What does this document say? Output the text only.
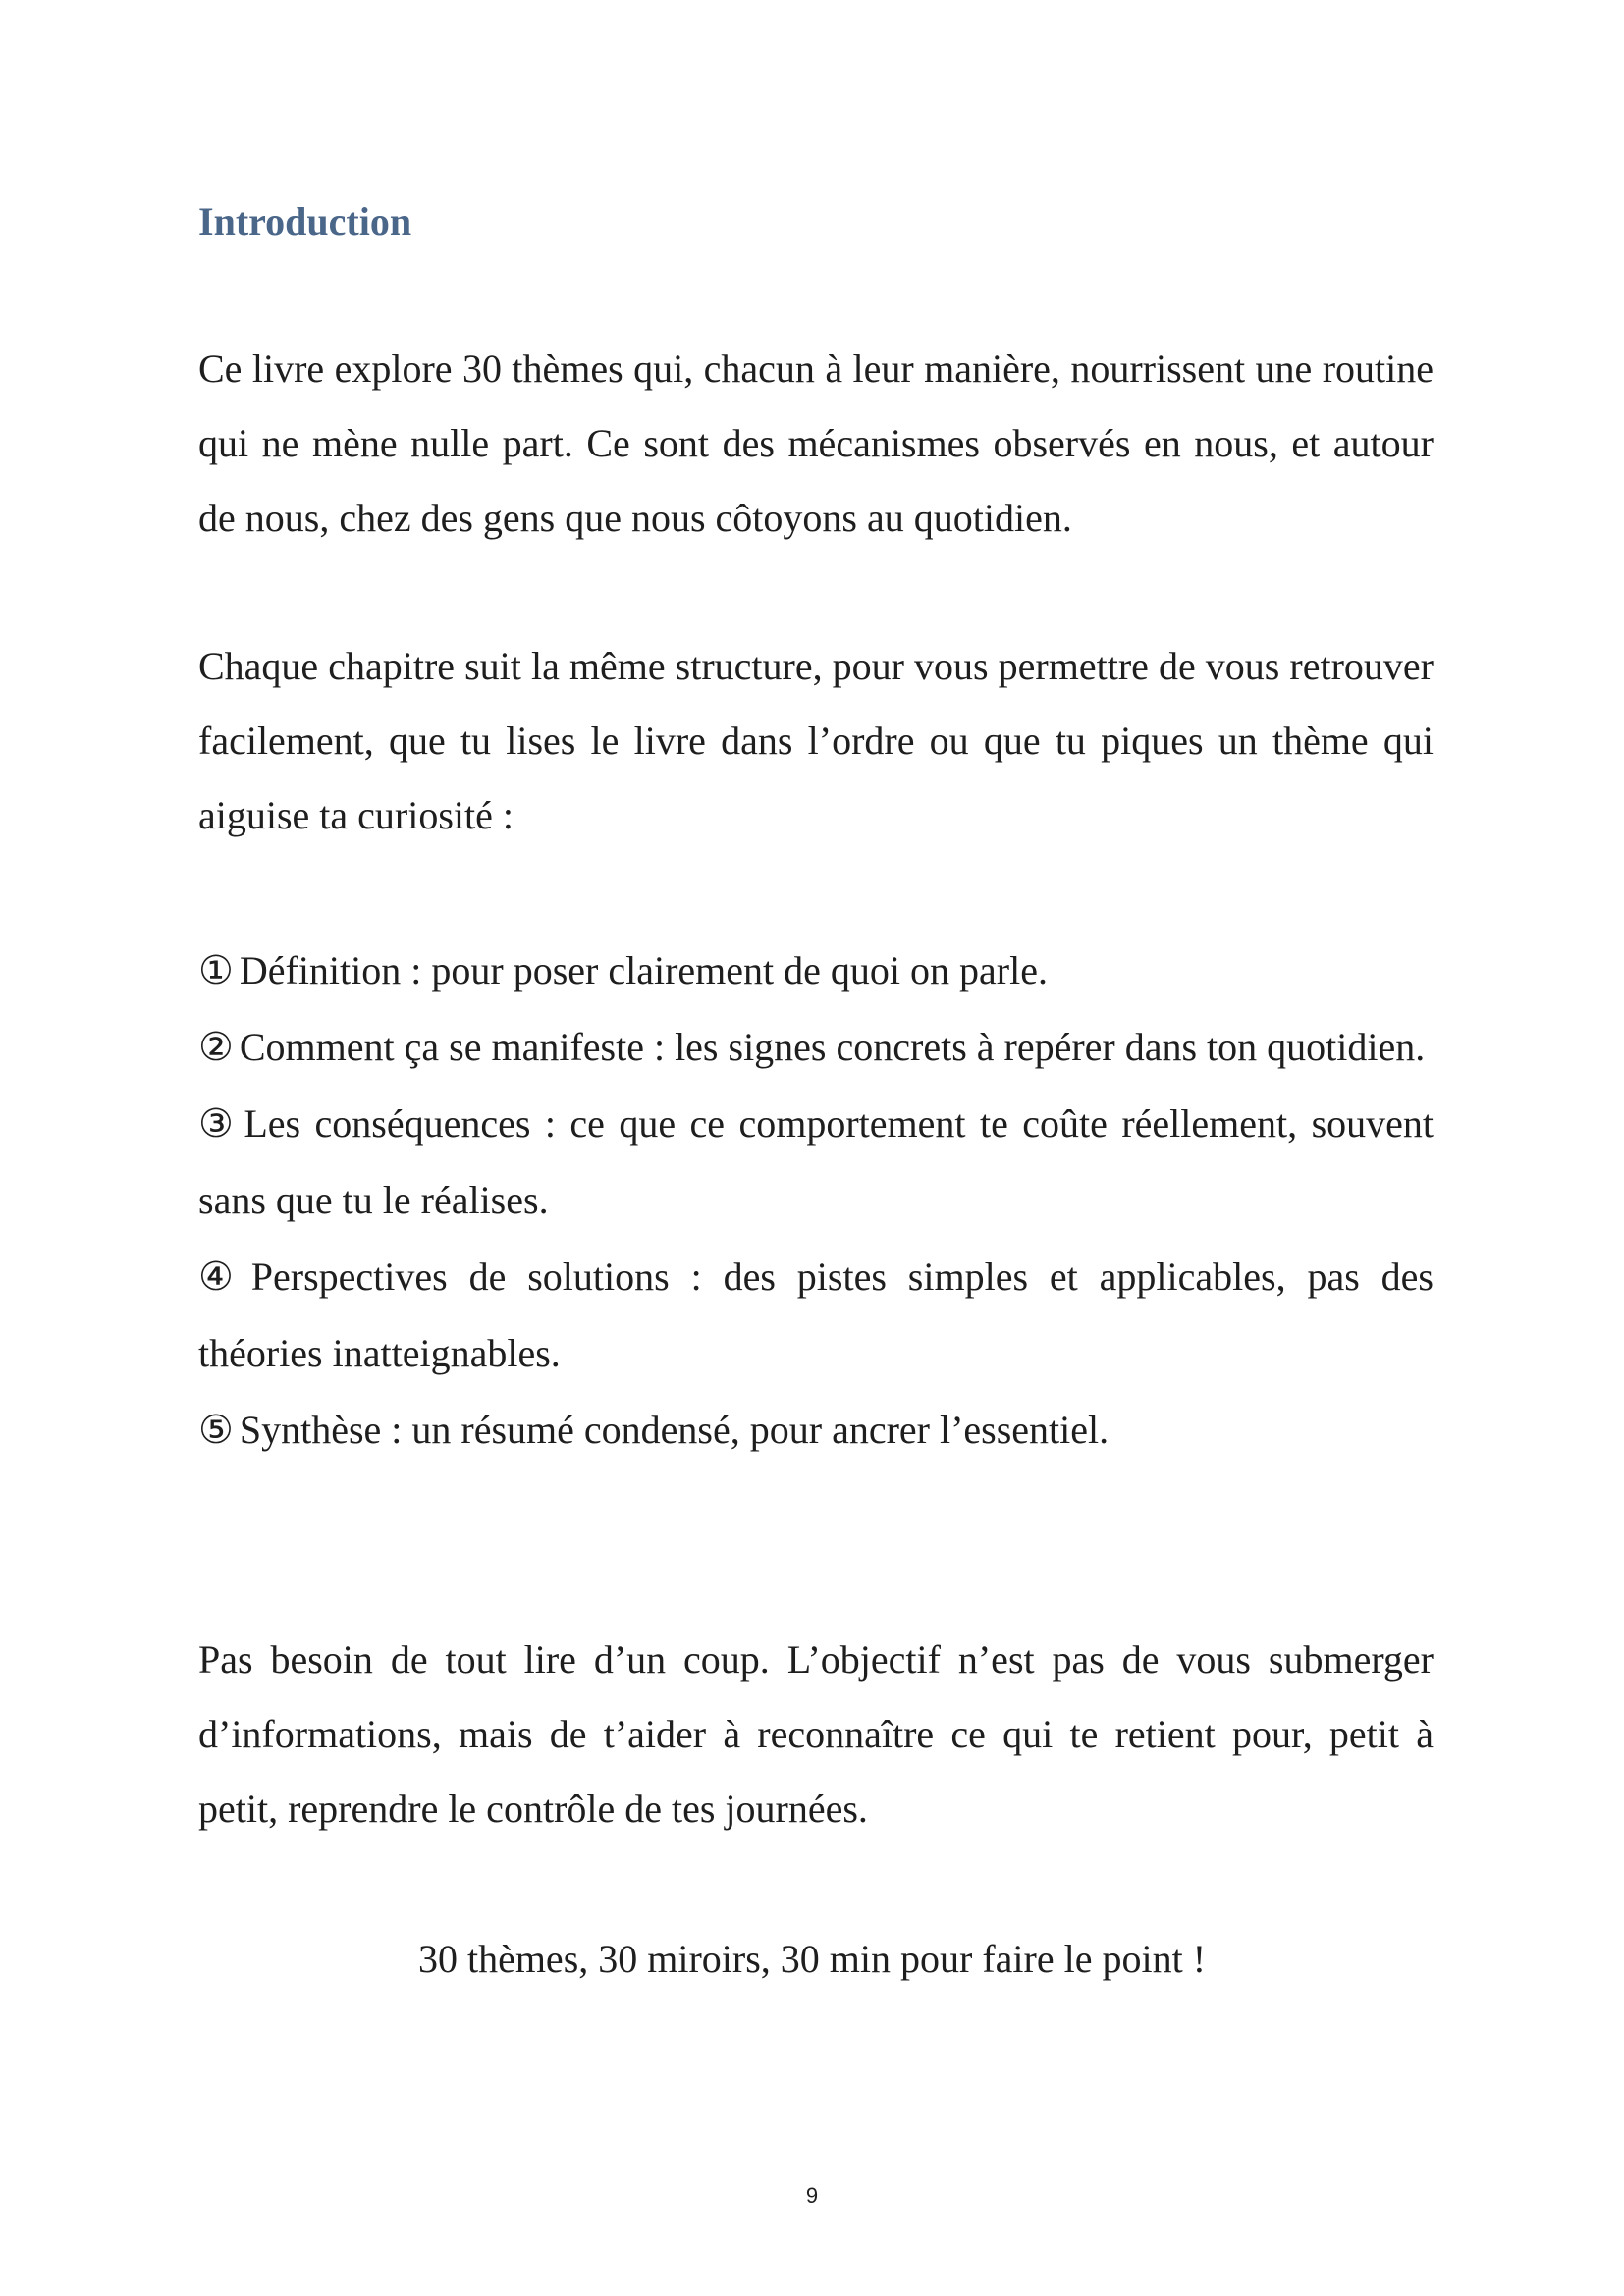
Introduction

Ce livre explore 30 thèmes qui, chacun à leur manière, nourrissent une routine qui ne mène nulle part. Ce sont des mécanismes observés en nous, et autour de nous, chez des gens que nous côtoyons au quotidien.

Chaque chapitre suit la même structure, pour vous permettre de vous retrouver facilement, que tu lises le livre dans l’ordre ou que tu piques un thème qui aiguise ta curiosité :

① Définition : pour poser clairement de quoi on parle.
② Comment ça se manifeste : les signes concrets à repérer dans ton quotidien.
③ Les conséquences : ce que ce comportement te coûte réellement, souvent sans que tu le réalises.
④ Perspectives de solutions : des pistes simples et applicables, pas des théories inatteignables.
⑤ Synthèse : un résumé condensé, pour ancrer l’essentiel.

Pas besoin de tout lire d’un coup. L’objectif n’est pas de vous submerger d’informations, mais de t’aider à reconnaître ce qui te retient pour, petit à petit, reprendre le contrôle de tes journées.

30 thèmes, 30 miroirs, 30 min pour faire le point !

9
